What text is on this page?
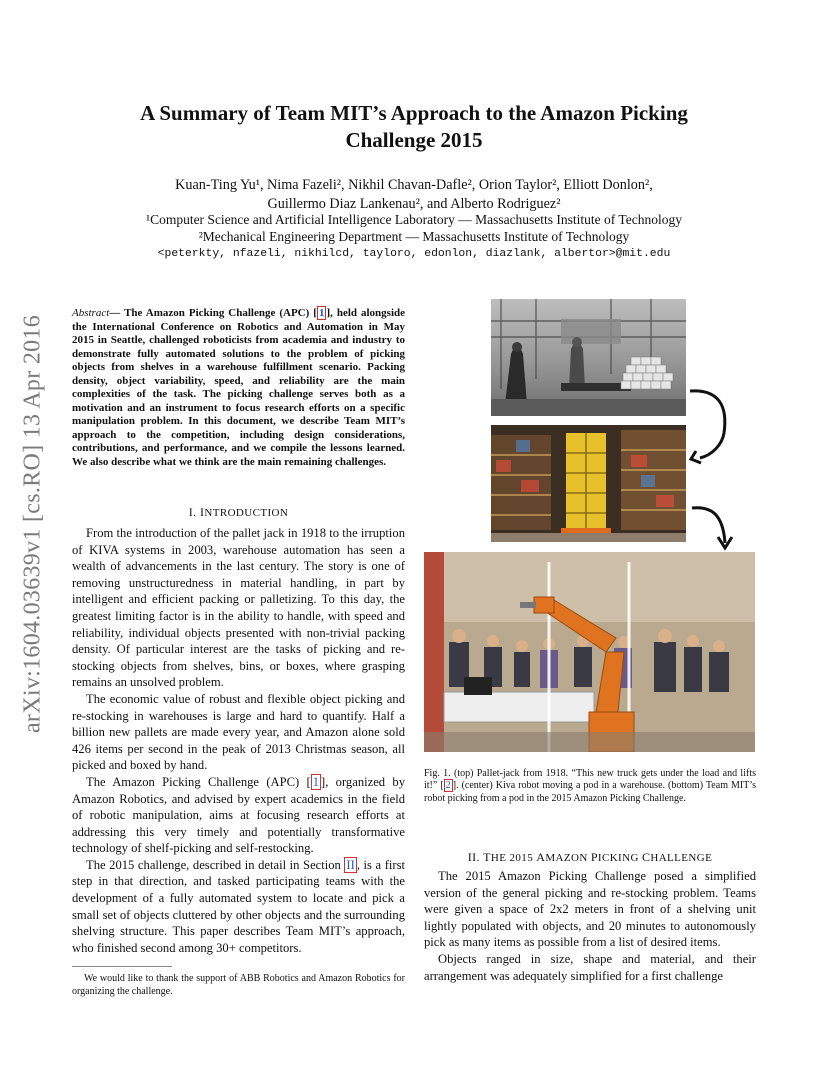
A Summary of Team MIT’s Approach to the Amazon Picking
Challenge 2015
Kuan-Ting Yu¹, Nima Fazeli², Nikhil Chavan-Dafle², Orion Taylor², Elliott Donlon²,
Guillermo Diaz Lankenau², and Alberto Rodriguez²
¹Computer Science and Artificial Intelligence Laboratory — Massachusetts Institute of Technology
²Mechanical Engineering Department — Massachusetts Institute of Technology
<peterkty, nfazeli, nikhilcd, tayloro, edonlon, diazlank, albertor>@mit.edu
arXiv:1604.03639v1 [cs.RO] 13 Apr 2016
Abstract— The Amazon Picking Challenge (APC) [ 1 ], held alongside the International Conference on Robotics and Automation in May 2015 in Seattle, challenged roboticists from academia and industry to demonstrate fully automated solutions to the problem of picking objects from shelves in a warehouse fulfillment scenario. Packing density, object variability, speed, and reliability are the main complexities of the task. The picking challenge serves both as a motivation and an instrument to focus research efforts on a specific manipulation problem. In this document, we describe Team MIT’s approach to the competition, including design considerations, contributions, and performance, and we compile the lessons learned. We also describe what we think are the main remaining challenges.
I. INTRODUCTION

From the introduction of the pallet jack in 1918 to the irruption of KIVA systems in 2003, warehouse automation has seen a wealth of advancements in the last century. The story is one of removing unstructuredness in material handling, in part by intelligent and efficient packing or palletizing. To this day, the greatest limiting factor is in the ability to handle, with speed and reliability, individual objects presented with non-trivial packing density. Of particular interest are the tasks of picking and re-stocking objects from shelves, bins, or boxes, where grasping remains an unsolved problem.

The economic value of robust and flexible object picking and re-stocking in warehouses is large and hard to quantify. Half a billion new pallets are made every year, and Amazon alone sold 426 items per second in the peak of 2013 Christmas season, all picked and boxed by hand.

The Amazon Picking Challenge (APC) [ 1 ], organized by Amazon Robotics, and advised by expert academics in the field of robotic manipulation, aims at focusing research efforts at addressing this very timely and potentially transformative technology of shelf-picking and self-restocking.

The 2015 challenge, described in detail in Section II , is a first step in that direction, and tasked participating teams with the development of a fully automated system to locate and pick a small set of objects cluttered by other objects and the surrounding shelving structure. This paper describes Team MIT’s approach, who finished second among 30+ competitors.

We would like to thank the support of ABB Robotics and Amazon Robotics for organizing the challenge.
Fig. 1. (top) Pallet-jack from 1918. “This new truck gets under the load and lifts it!” [ 2 ]. (center) Kiva robot moving a pod in a warehouse. (bottom) Team MIT’s robot picking from a pod in the 2015 Amazon Picking Challenge.
II. THE 2015 AMAZON PICKING CHALLENGE

The 2015 Amazon Picking Challenge posed a simplified version of the general picking and re-stocking problem. Teams were given a space of 2x2 meters in front of a shelving unit lightly populated with objects, and 20 minutes to autonomously pick as many items as possible from a list of desired items.

Objects ranged in size, shape and material, and their arrangement was adequately simplified for a first challenge
